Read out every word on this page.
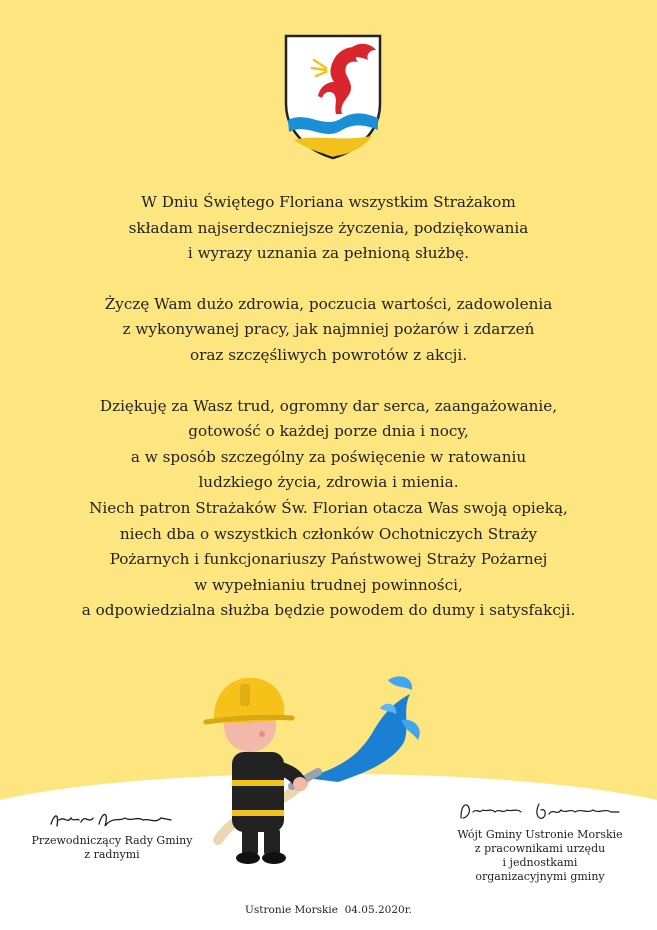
W Dniu Świętego Floriana wszystkim Strażakom
składam najserdeczniejsze życzenia, podziękowania
i wyrazy uznania za pełnioną służbę.

Życzę Wam dużo zdrowia, poczucia wartości, zadowolenia
z wykonywanej pracy, jak najmniej pożarów i zdarzeń
oraz szczęśliwych powrotów z akcji.

Dziękuję za Wasz trud, ogromny dar serca, zaangażowanie,
gotowość o każdej porze dnia i nocy,
a w sposób szczególny za poświęcenie w ratowaniu
ludzkiego życia, zdrowia i mienia.
Niech patron Strażaków Św. Florian otacza Was swoją opieką,
niech dba o wszystkich członków Ochotniczych Straży
Pożarnych i funkcjonariuszy Państwowej Straży Pożarnej
w wypełnianiu trudnej powinności,
a odpowiedzialna służba będzie powodem do dumy i satysfakcji.

Przewodniczący Rady Gminy
z radnymi
Wójt Gminy Ustronie Morskie
z pracownikami urzędu
i jednostkami
organizacyjnymi gminy
Ustronie Morskie  04.05.2020r.
